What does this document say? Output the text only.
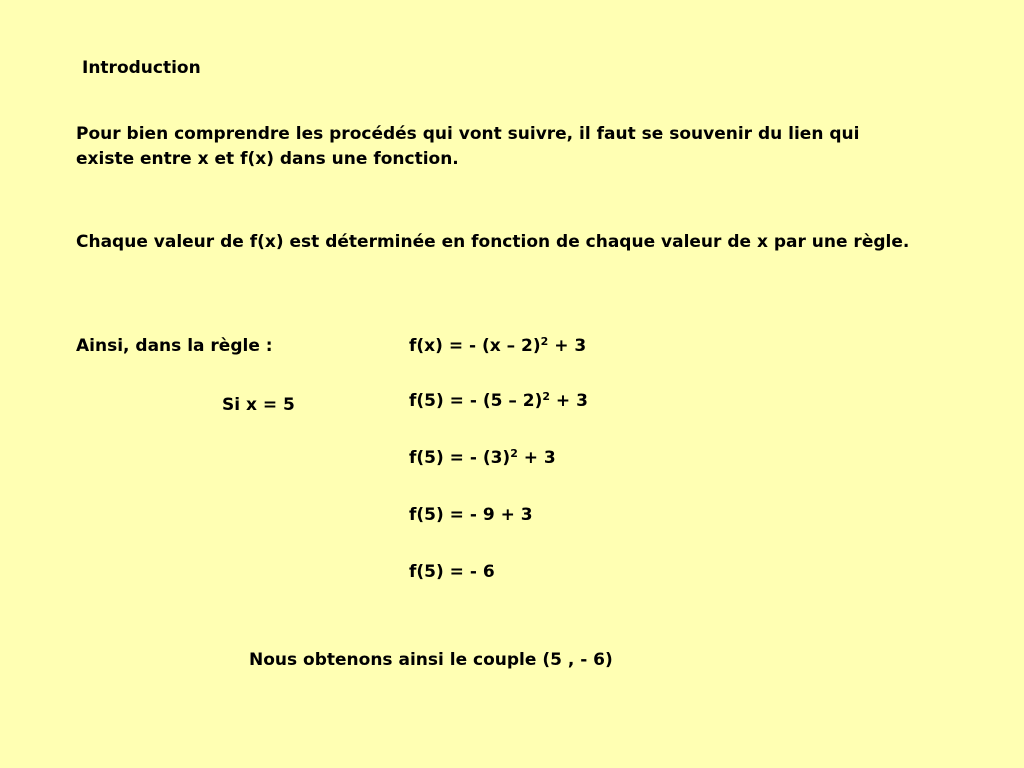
Introduction
Pour bien comprendre les procédés qui vont suivre, il faut se souvenir du lien qui existe entre x et f(x) dans une fonction.
Chaque valeur de f(x) est déterminée en fonction de chaque valeur de x par une règle.
Ainsi, dans la règle :
Si x = 5
f(x) = - (x – 2)$^2$ + 3
f(5) = - (5 – 2)$^2$ + 3
f(5) = - $(3)^2 + 3$
f(5) = - 9 + 3
f(5) = - 6
Nous obtenons ainsi le couple (5 , - 6)
